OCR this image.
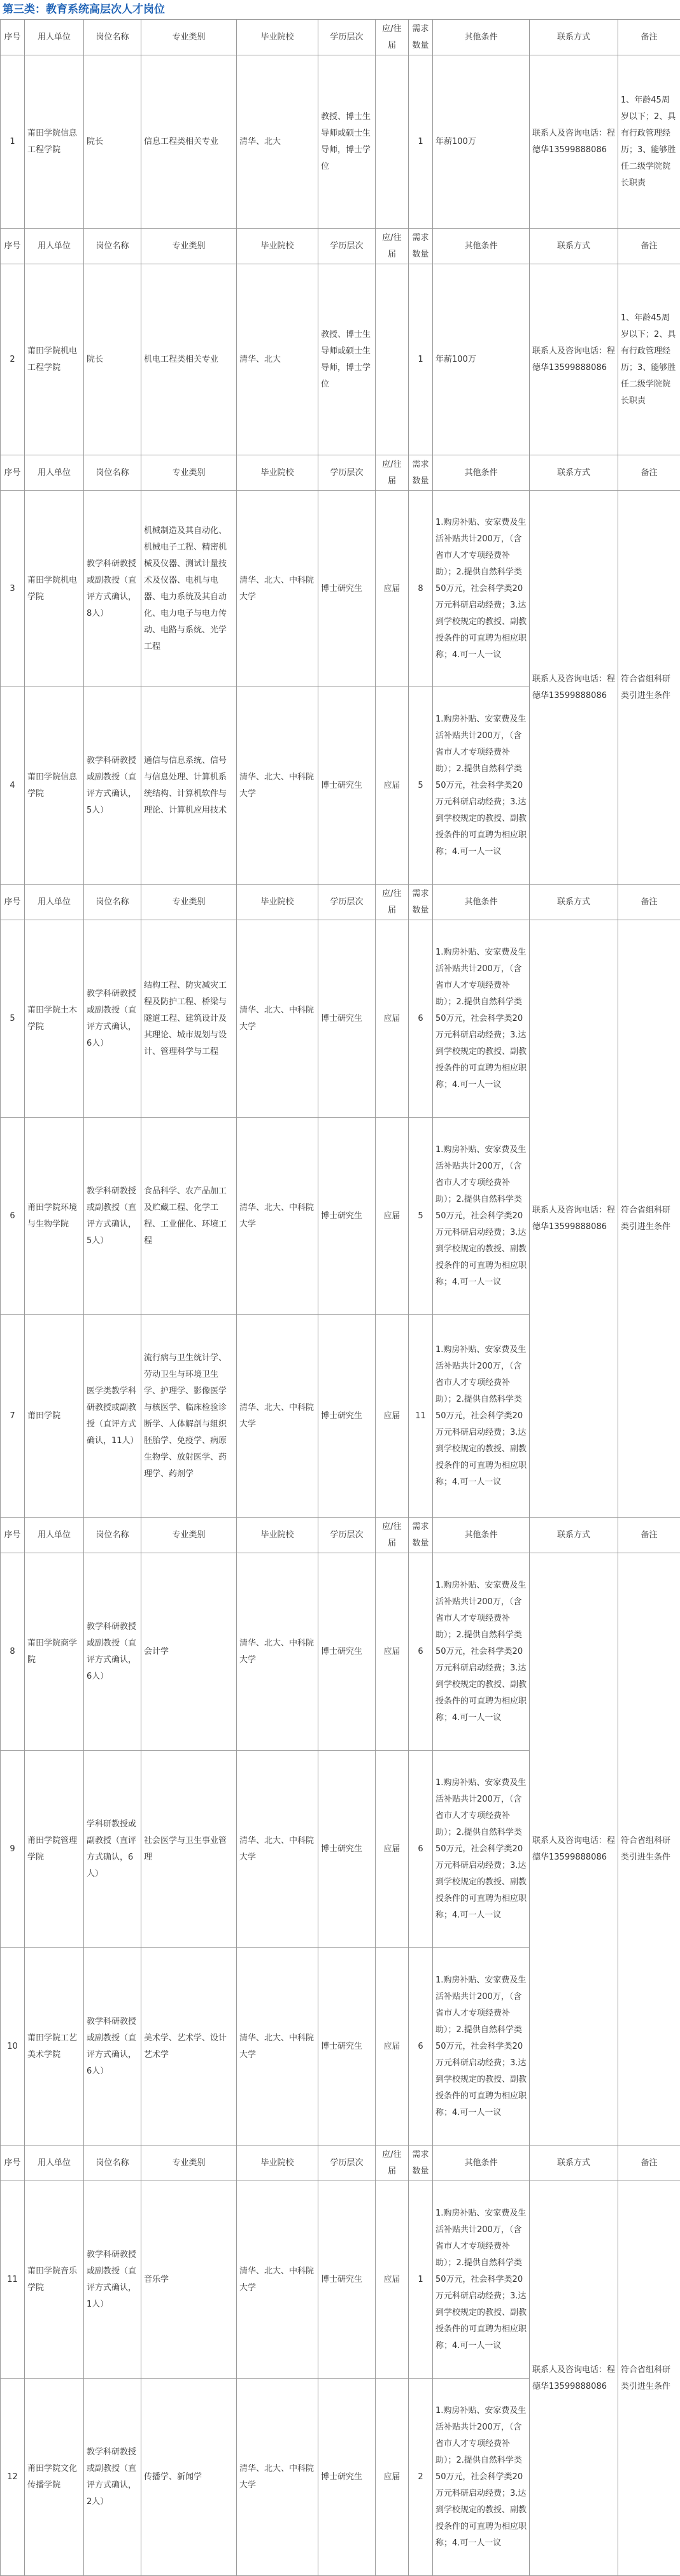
第三类：教育系统高层次人才岗位
序号	用人单位	岗位名称	专业类别	毕业院校	学历层次	应/往届	需求数量	其他条件	联系方式	备注
1	莆田学院信息工程学院	院长	信息工程类相关专业	清华、北大	教授、博士生导师或硕士生导师，博士学位		1	年薪100万	联系人及咨询电话：程德华13599888086	1、年龄45周岁以下；2、具有行政管理经历；3、能够胜任二级学院院长职责
序号	用人单位	岗位名称	专业类别	毕业院校	学历层次	应/往届	需求数量	其他条件	联系方式	备注
2	莆田学院机电工程学院	院长	机电工程类相关专业	清华、北大	教授、博士生导师或硕士生导师，博士学位		1	年薪100万	联系人及咨询电话：程德华13599888086	1、年龄45周岁以下；2、具有行政管理经历；3、能够胜任二级学院院长职责
序号	用人单位	岗位名称	专业类别	毕业院校	学历层次	应/往届	需求数量	其他条件	联系方式	备注
3	莆田学院机电学院	教学科研教授或副教授（直评方式确认，8人）	机械制造及其自动化、机械电子工程、精密机械及仪器、测试计量技术及仪器、电机与电器、电力系统及其自动化、电力电子与电力传动、电路与系统、光学工程	清华、北大、中科院大学	博士研究生	应届	8	1.购房补贴、安家费及生活补贴共计200万，（含省市人才专项经费补助）；2.提供自然科学类50万元，社会科学类20万元科研启动经费；3.达到学校规定的教授、副教授条件的可直聘为相应职称；4.可一人一议	联系人及咨询电话：程德华13599888086	符合省组科研类引进生条件
4	莆田学院信息学院	教学科研教授或副教授（直评方式确认，5人）	通信与信息系统、信号与信息处理、计算机系统结构、计算机软件与理论、计算机应用技术	清华、北大、中科院大学	博士研究生	应届	5	1.购房补贴、安家费及生活补贴共计200万，（含省市人才专项经费补助）；2.提供自然科学类50万元，社会科学类20万元科研启动经费；3.达到学校规定的教授、副教授条件的可直聘为相应职称；4.可一人一议		
序号	用人单位	岗位名称	专业类别	毕业院校	学历层次	应/往届	需求数量	其他条件	联系方式	备注
5	莆田学院土木学院	教学科研教授或副教授（直评方式确认，6人）	结构工程、防灾减灾工程及防护工程、桥梁与隧道工程、建筑设计及其理论、城市规划与设计、管理科学与工程	清华、北大、中科院大学	博士研究生	应届	6	1.购房补贴、安家费及生活补贴共计200万，（含省市人才专项经费补助）；2.提供自然科学类50万元，社会科学类20万元科研启动经费；3.达到学校规定的教授、副教授条件的可直聘为相应职称；4.可一人一议	联系人及咨询电话：程德华13599888086	符合省组科研类引进生条件
6	莆田学院环境与生物学院	教学科研教授或副教授（直评方式确认，5人）	食品科学、农产品加工及贮藏工程、化学工程、工业催化、环境工程	清华、北大、中科院大学	博士研究生	应届	5	1.购房补贴、安家费及生活补贴共计200万，（含省市人才专项经费补助）；2.提供自然科学类50万元，社会科学类20万元科研启动经费；3.达到学校规定的教授、副教授条件的可直聘为相应职称；4.可一人一议		
7	莆田学院	医学类教学科研教授或副教授（直评方式确认，11人）	流行病与卫生统计学、劳动卫生与环境卫生学、护理学、影像医学与核医学、临床检验诊断学、人体解剖与组织胚胎学、免疫学、病原生物学、放射医学、药理学、药剂学	清华、北大、中科院大学	博士研究生	应届	11	1.购房补贴、安家费及生活补贴共计200万，（含省市人才专项经费补助）；2.提供自然科学类50万元，社会科学类20万元科研启动经费；3.达到学校规定的教授、副教授条件的可直聘为相应职称；4.可一人一议		
序号	用人单位	岗位名称	专业类别	毕业院校	学历层次	应/往届	需求数量	其他条件	联系方式	备注
8	莆田学院商学院	教学科研教授或副教授（直评方式确认，6人）	会计学	清华、北大、中科院大学	博士研究生	应届	6	1.购房补贴、安家费及生活补贴共计200万，（含省市人才专项经费补助）；2.提供自然科学类50万元，社会科学类20万元科研启动经费；3.达到学校规定的教授、副教授条件的可直聘为相应职称；4.可一人一议	联系人及咨询电话：程德华13599888086	符合省组科研类引进生条件
9	莆田学院管理学院	学科研教授或副教授（直评方式确认，6人）	社会医学与卫生事业管理	清华、北大、中科院大学	博士研究生	应届	6	1.购房补贴、安家费及生活补贴共计200万，（含省市人才专项经费补助）；2.提供自然科学类50万元，社会科学类20万元科研启动经费；3.达到学校规定的教授、副教授条件的可直聘为相应职称；4.可一人一议		
10	莆田学院工艺美术学院	教学科研教授或副教授（直评方式确认，6人）	美术学、艺术学、设计艺术学	清华、北大、中科院大学	博士研究生	应届	6	1.购房补贴、安家费及生活补贴共计200万，（含省市人才专项经费补助）；2.提供自然科学类50万元，社会科学类20万元科研启动经费；3.达到学校规定的教授、副教授条件的可直聘为相应职称；4.可一人一议		
序号	用人单位	岗位名称	专业类别	毕业院校	学历层次	应/往届	需求数量	其他条件	联系方式	备注
11	莆田学院音乐学院	教学科研教授或副教授（直评方式确认，1人）	音乐学	清华、北大、中科院大学	博士研究生	应届	1	1.购房补贴、安家费及生活补贴共计200万，（含省市人才专项经费补助）；2.提供自然科学类50万元，社会科学类20万元科研启动经费；3.达到学校规定的教授、副教授条件的可直聘为相应职称；4.可一人一议	联系人及咨询电话：程德华13599888086	符合省组科研类引进生条件
12	莆田学院文化传播学院	教学科研教授或副教授（直评方式确认，2人）	传播学、新闻学	清华、北大、中科院大学	博士研究生	应届	2	1.购房补贴、安家费及生活补贴共计200万，（含省市人才专项经费补助）；2.提供自然科学类50万元，社会科学类20万元科研启动经费；3.达到学校规定的教授、副教授条件的可直聘为相应职称；4.可一人一议		
